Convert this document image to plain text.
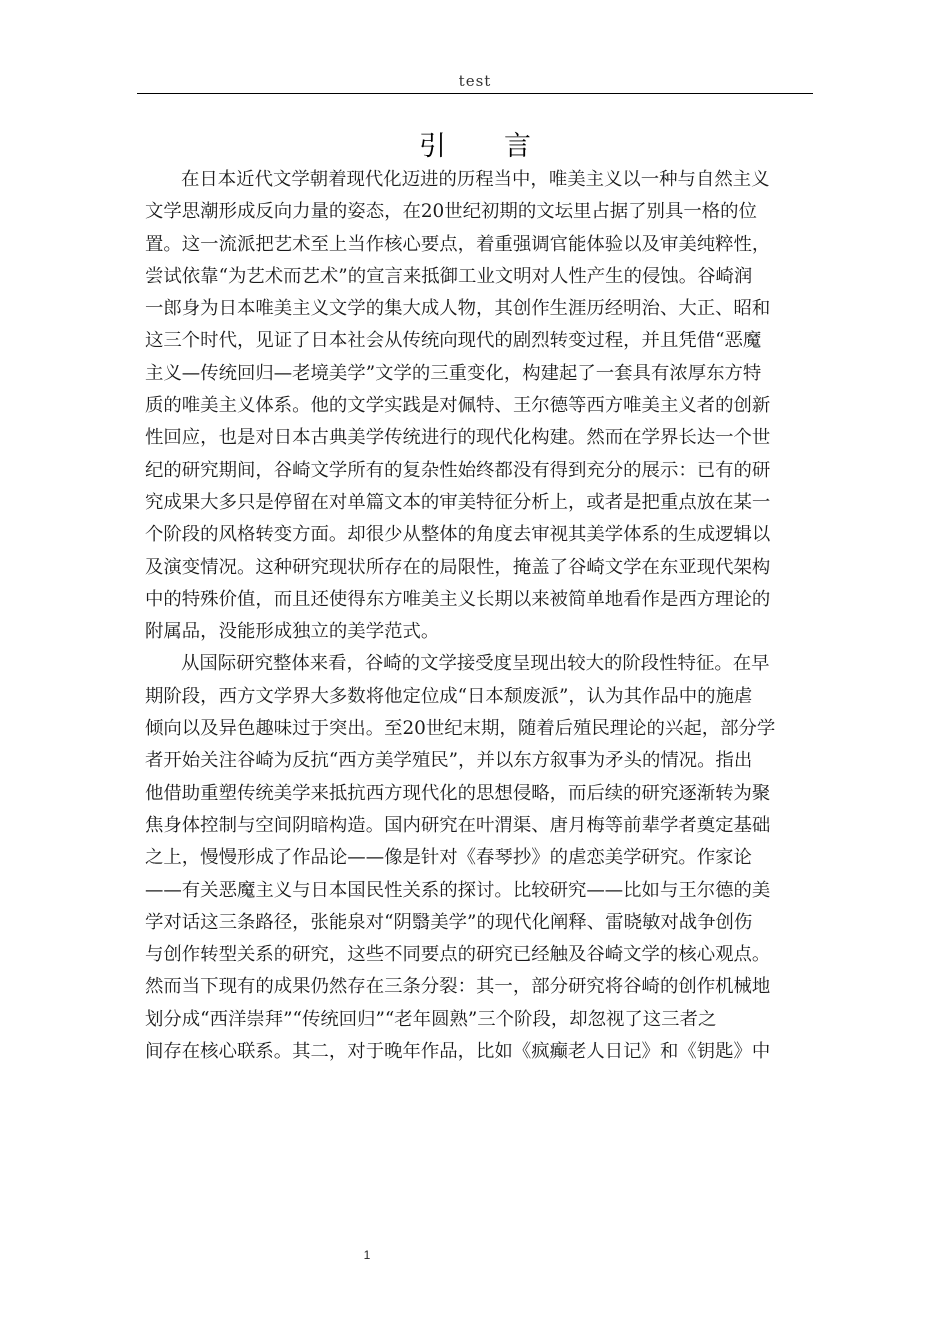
test
引 言
在日本近代文学朝着现代化迈进的历程当中，唯美主义以一种与自然主义
文学思潮形成反向力量的姿态，在20世纪初期的文坛里占据了别具一格的位
置。这一流派把艺术至上当作核心要点，着重强调官能体验以及审美纯粹性，
尝试依靠“为艺术而艺术”的宣言来抵御工业文明对人性产生的侵蚀。谷崎润
一郎身为日本唯美主义文学的集大成人物，其创作生涯历经明治、大正、昭和
这三个时代，见证了日本社会从传统向现代的剧烈转变过程，并且凭借“恶魔
主义—传统回归—老境美学”文学的三重变化，构建起了一套具有浓厚东方特
质的唯美主义体系。他的文学实践是对佩特、王尔德等西方唯美主义者的创新
性回应，也是对日本古典美学传统进行的现代化构建。然而在学界长达一个世
纪的研究期间，谷崎文学所有的复杂性始终都没有得到充分的展示：已有的研
究成果大多只是停留在对单篇文本的审美特征分析上，或者是把重点放在某一
个阶段的风格转变方面。却很少从整体的角度去审视其美学体系的生成逻辑以
及演变情况。这种研究现状所存在的局限性，掩盖了谷崎文学在东亚现代架构
中的特殊价值，而且还使得东方唯美主义长期以来被简单地看作是西方理论的
附属品，没能形成独立的美学范式。
从国际研究整体来看，谷崎的文学接受度呈现出较大的阶段性特征。在早
期阶段，西方文学界大多数将他定位成“日本颓废派”，认为其作品中的施虐
倾向以及异色趣味过于突出。至20世纪末期，随着后殖民理论的兴起，部分学
者开始关注谷崎为反抗“西方美学殖民”，并以东方叙事为矛头的情况。指出
他借助重塑传统美学来抵抗西方现代化的思想侵略，而后续的研究逐渐转为聚
焦身体控制与空间阴暗构造。国内研究在叶渭渠、唐月梅等前辈学者奠定基础
之上，慢慢形成了作品论——像是针对《春琴抄》的虐恋美学研究。作家论
——有关恶魔主义与日本国民性关系的探讨。比较研究——比如与王尔德的美
学对话这三条路径，张能泉对“阴翳美学”的现代化阐释、雷晓敏对战争创伤
与创作转型关系的研究，这些不同要点的研究已经触及谷崎文学的核心观点。
然而当下现有的成果仍然存在三条分裂：其一，部分研究将谷崎的创作机械地
划分成“西洋崇拜”“传统回归”“老年圆熟”三个阶段，却忽视了这三者之
间存在核心联系。其二，对于晚年作品，比如《疯癫老人日记》和《钥匙》中
1
